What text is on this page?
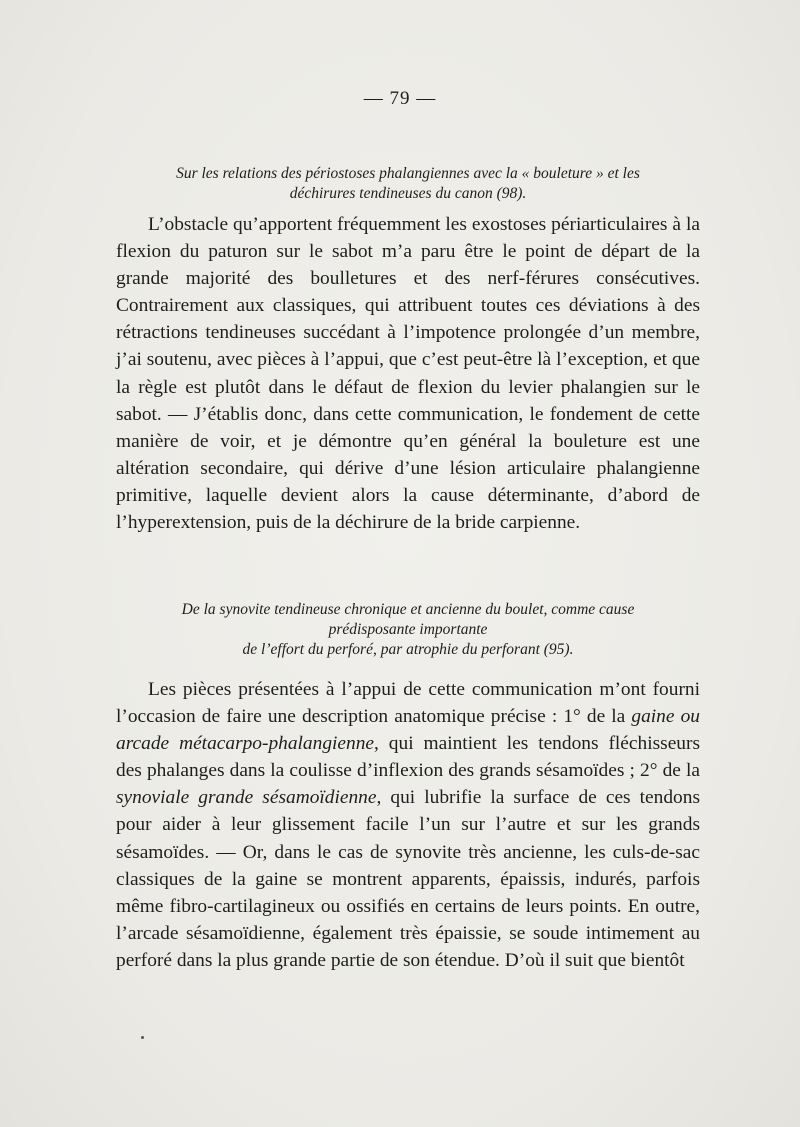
— 79 —

Sur les relations des périostoses phalangiennes avec la « bouleture » et les

déchirures tendineuses du canon (98).

L’obstacle qu’apportent fréquemment les exostoses périarticulaires à la flexion du paturon sur le sabot m’a paru être le point de départ de la grande majorité des boulletures et des nerf-férures consécutives. Contrairement aux classiques, qui attribuent toutes ces déviations à des rétractions tendineuses succédant à l’impotence prolongée d’un membre, j’ai soutenu, avec pièces à l’appui, que c’est peut-être là l’exception, et que la règle est plutôt dans le défaut de flexion du levier phalangien sur le sabot. — J’établis donc, dans cette communication, le fondement de cette manière de voir, et je démontre qu’en général la bouleture est une altération secondaire, qui dérive d’une lésion articulaire phalangienne primitive, laquelle devient alors la cause déterminante, d’abord de l’hyperextension, puis de la déchirure de la bride carpienne.

De la synovite tendineuse chronique et ancienne du boulet, comme cause

prédisposante importante

de l’effort du perforé, par atrophie du perforant (95).

Les pièces présentées à l’appui de cette communication m’ont fourni l’occasion de faire une description anatomique précise : 1° de la gaine ou arcade métacarpo-phalangienne, qui maintient les tendons fléchisseurs des phalanges dans la coulisse d’inflexion des grands sésamoïdes ; 2° de la synoviale grande sésamoïdienne, qui lubrifie la surface de ces tendons pour aider à leur glissement facile l’un sur l’autre et sur les grands sésamoïdes. — Or, dans le cas de synovite très ancienne, les culs-de-sac classiques de la gaine se montrent apparents, épaissis, indurés, parfois même fibro-cartilagineux ou ossifiés en certains de leurs points. En outre, l’arcade sésamoïdienne, également très épaissie, se soude intimement au perforé dans la plus grande partie de son étendue. D’où il suit que bientôt
